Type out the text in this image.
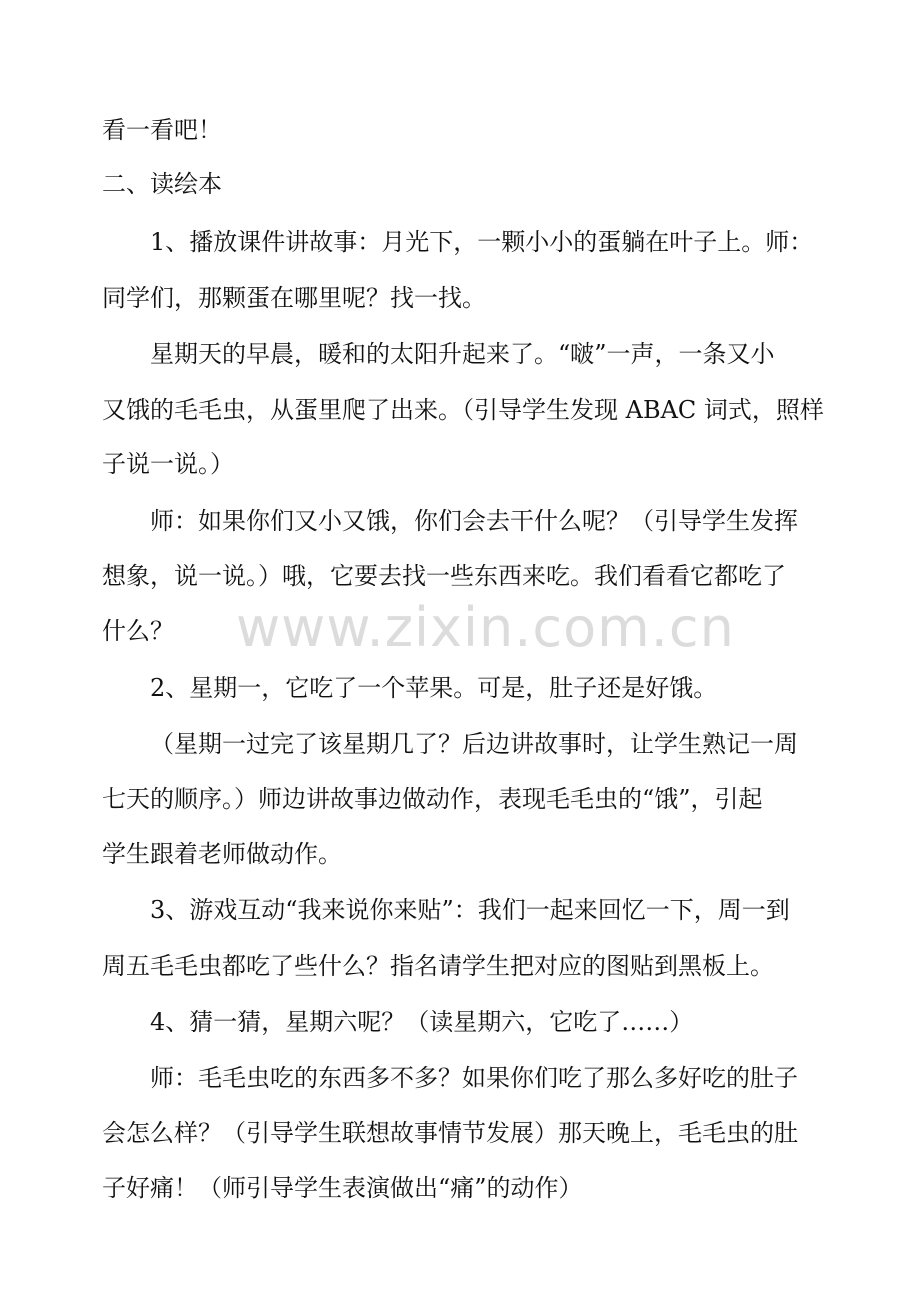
www.zixin.com.cn
看一看吧！
二、读绘本
1、播放课件讲故事：月光下，一颗小小的蛋躺在叶子上。师：
同学们，那颗蛋在哪里呢？找一找。
星期天的早晨，暖和的太阳升起来了。“啵”一声，一条又小
又饿的毛毛虫，从蛋里爬了出来。（引导学生发现 ABAC 词式，照样
子说一说。）
师：如果你们又小又饿，你们会去干什么呢？（引导学生发挥
想象，说一说。）哦，它要去找一些东西来吃。我们看看它都吃了
什么？
2、星期一，它吃了一个苹果。可是，肚子还是好饿。
（星期一过完了该星期几了？后边讲故事时，让学生熟记一周
七天的顺序。）师边讲故事边做动作，表现毛毛虫的“饿”，引起
学生跟着老师做动作。
3、游戏互动“我来说你来贴”：我们一起来回忆一下，周一到
周五毛毛虫都吃了些什么？指名请学生把对应的图贴到黑板上。
4、猜一猜，星期六呢？（读星期六，它吃了……）
师：毛毛虫吃的东西多不多？如果你们吃了那么多好吃的肚子
会怎么样？（引导学生联想故事情节发展）那天晚上，毛毛虫的肚
子好痛！（师引导学生表演做出“痛”的动作）
